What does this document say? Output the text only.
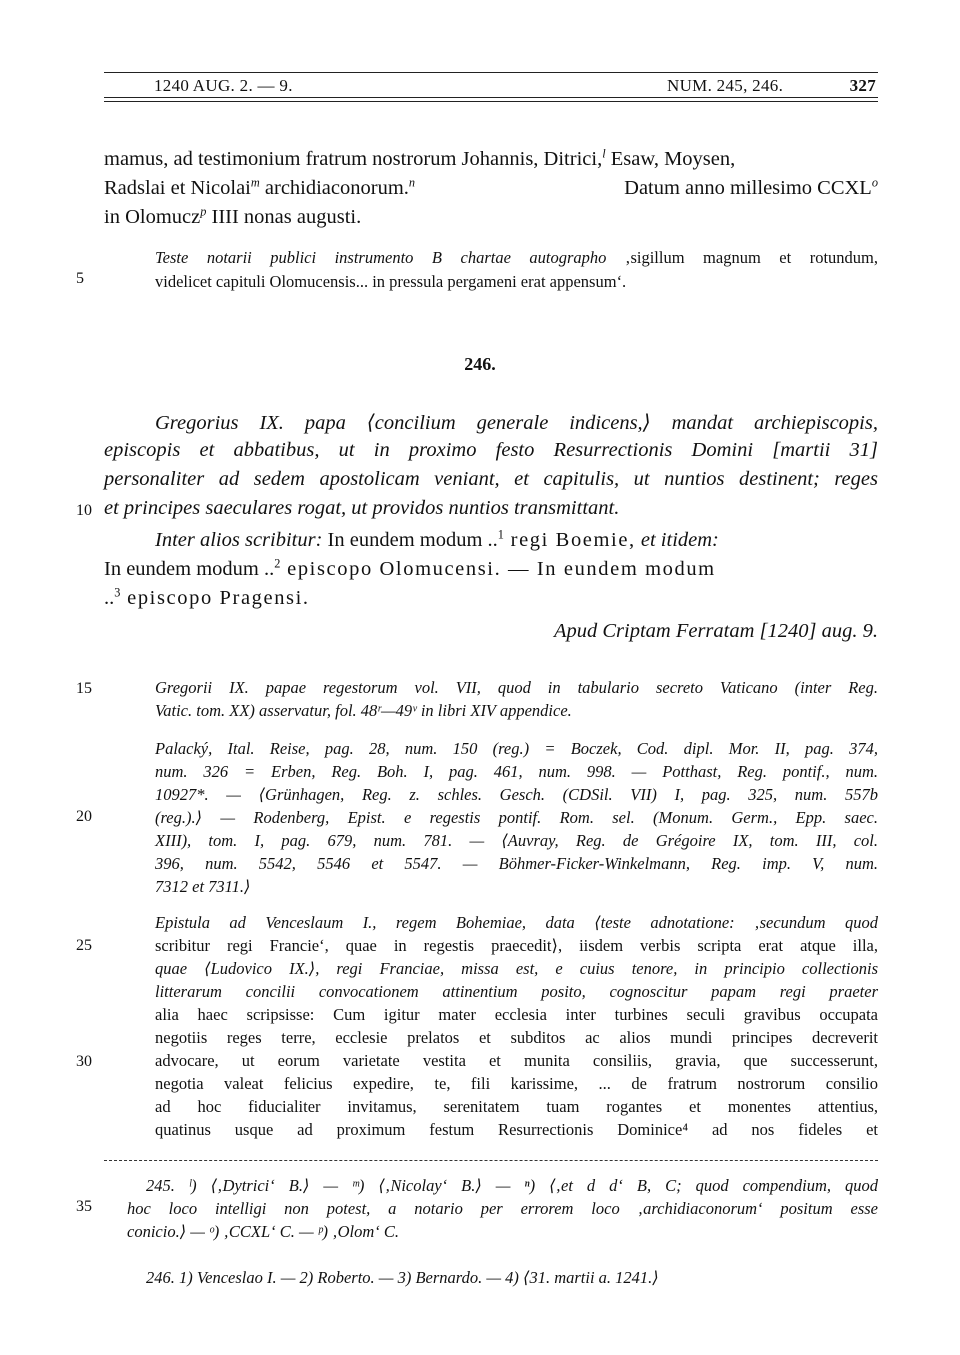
1240 AUG. 2. — 9.	NUM. 245, 246.	327
5
10
15
20
25
30
35
mamus, ad testimonium fratrum nostrorum Johannis, Ditrici,$^l$ Esaw, Moysen,
Radslai et Nicolai$^m$ archidiaconorum.$^n$	Datum anno millesimo CCXL$^o$
in Olomucz$^p$ IIII nonas augusti.
Teste notarii publici instrumento B chartae autographo ‚sigillum magnum et rotundum,
videlicet capituli Olomucensis... in pressula pergameni erat appensum‘.
246.
Gregorius IX. papa ⟨concilium generale indicens,⟩ mandat archiepiscopis,
episcopis et abbatibus, ut in proximo festo Resurrectionis Domini [martii 31]
personaliter ad sedem apostolicam veniant, et capitulis, ut nuntios destinent; reges
et principes saeculares rogat, ut providos nuntios transmittant.
Inter alios scribitur: In eundem modum ..$^1$ regi Boemie, et itidem:
In eundem modum ..$^2$ episcopo Olomucensi. — In eundem modum
..$^3$ episcopo Pragensi.
Apud Criptam Ferratam [1240] aug. 9.
Gregorii IX. papae regestorum vol. VII, quod in tabulario secreto Vaticano (inter Reg.
Vatic. tom. XX) asservatur, fol. 48ʳ—49ᵛ in libri XIV appendice.
Palacký, Ital. Reise, pag. 28, num. 150 (reg.) = Boczek, Cod. dipl. Mor. II, pag. 374,
num. 326 = Erben, Reg. Boh. I, pag. 461, num. 998. — Potthast, Reg. pontif., num.
10927*. — ⟨Grünhagen, Reg. z. schles. Gesch. (CDSil. VII) I, pag. 325, num. 557b
(reg.).⟩ — Rodenberg, Epist. e regestis pontif. Rom. sel. (Monum. Germ., Epp. saec.
XIII), tom. I, pag. 679, num. 781. — ⟨Auvray, Reg. de Grégoire IX, tom. III, col.
396, num. 5542, 5546 et 5547. — Böhmer-Ficker-Winkelmann, Reg. imp. V, num.
7312 et 7311.⟩
Epistula ad Venceslaum I., regem Bohemiae, data ⟨teste adnotatione: ‚secundum quod
scribitur regi Francie‘, quae in regestis praecedit⟩, iisdem verbis scripta erat atque illa,
quae ⟨Ludovico IX.⟩, regi Franciae, missa est, e cuius tenore, in principio collectionis
litterarum concilii convocationem attinentium posito, cognoscitur papam regi praeter
alia haec scripsisse: Cum igitur mater ecclesia inter turbines seculi gravibus occupata
negotiis reges terre, ecclesie prelatos et subditos ac alios mundi principes decreverit
advocare, ut eorum varietate vestita et munita consiliis, gravia, que successerunt,
negotia valeat felicius expedire, te, fili karissime, ... de fratrum nostrorum consilio
ad hoc fiducialiter invitamus, serenitatem tuam rogantes et monentes attentius,
quatinus usque ad proximum festum Resurrectionis Dominice⁴ ad nos fideles et
245. ˡ) ⟨‚Dytrici‘ B.⟩ — ᵐ) ⟨‚Nicolay‘ B.⟩ — ⁿ) ⟨‚et d d‘ B, C; quod compendium, quod
hoc loco intelligi non potest, a notario per errorem loco ‚archidiaconorum‘ positum esse
conicio.⟩ — ᵒ) ‚CCXL‘ C. — ᵖ) ‚Olom‘ C.
246. 1) Venceslao I. — 2) Roberto. — 3) Bernardo. — 4) ⟨31. martii a. 1241.⟩
